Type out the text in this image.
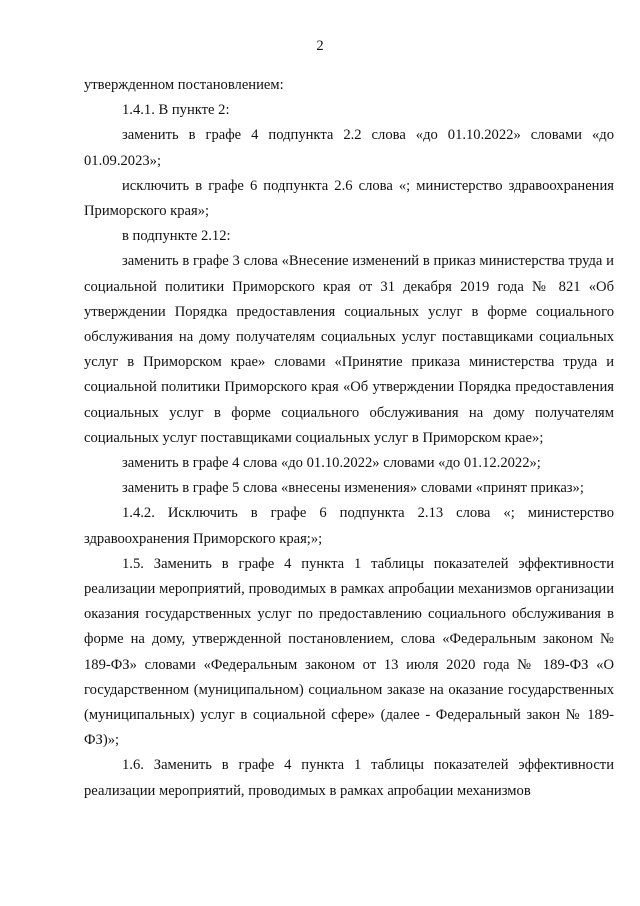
2

утвержденном постановлением:

1.4.1. В пункте 2:

заменить в графе 4 подпункта 2.2 слова «до 01.10.2022» словами «до 01.09.2023»;

исключить в графе 6 подпункта 2.6 слова «; министерство здравоохранения Приморского края»;

в подпункте 2.12:

заменить в графе 3 слова «Внесение изменений в приказ министерства труда и социальной политики Приморского края от 31 декабря 2019 года № 821 «Об утверждении Порядка предоставления социальных услуг в форме социального обслуживания на дому получателям социальных услуг поставщиками социальных услуг в Приморском крае» словами «Принятие приказа министерства труда и социальной политики Приморского края «Об утверждении Порядка предоставления социальных услуг в форме социального обслуживания на дому получателям социальных услуг поставщиками социальных услуг в Приморском крае»;

заменить в графе 4 слова «до 01.10.2022» словами «до 01.12.2022»;

заменить в графе 5 слова «внесены изменения» словами «принят приказ»;

1.4.2. Исключить в графе 6 подпункта 2.13 слова «; министерство здравоохранения Приморского края;»;

1.5. Заменить в графе 4 пункта 1 таблицы показателей эффективности реализации мероприятий, проводимых в рамках апробации механизмов организации оказания государственных услуг по предоставлению социального обслуживания в форме на дому, утвержденной постановлением, слова «Федеральным законом № 189-ФЗ» словами «Федеральным законом от 13 июля 2020 года № 189-ФЗ «О государственном (муниципальном) социальном заказе на оказание государственных (муниципальных) услуг в социальной сфере» (далее - Федеральный закон № 189-ФЗ)»;

1.6. Заменить в графе 4 пункта 1 таблицы показателей эффективности реализации мероприятий, проводимых в рамках апробации механизмов
